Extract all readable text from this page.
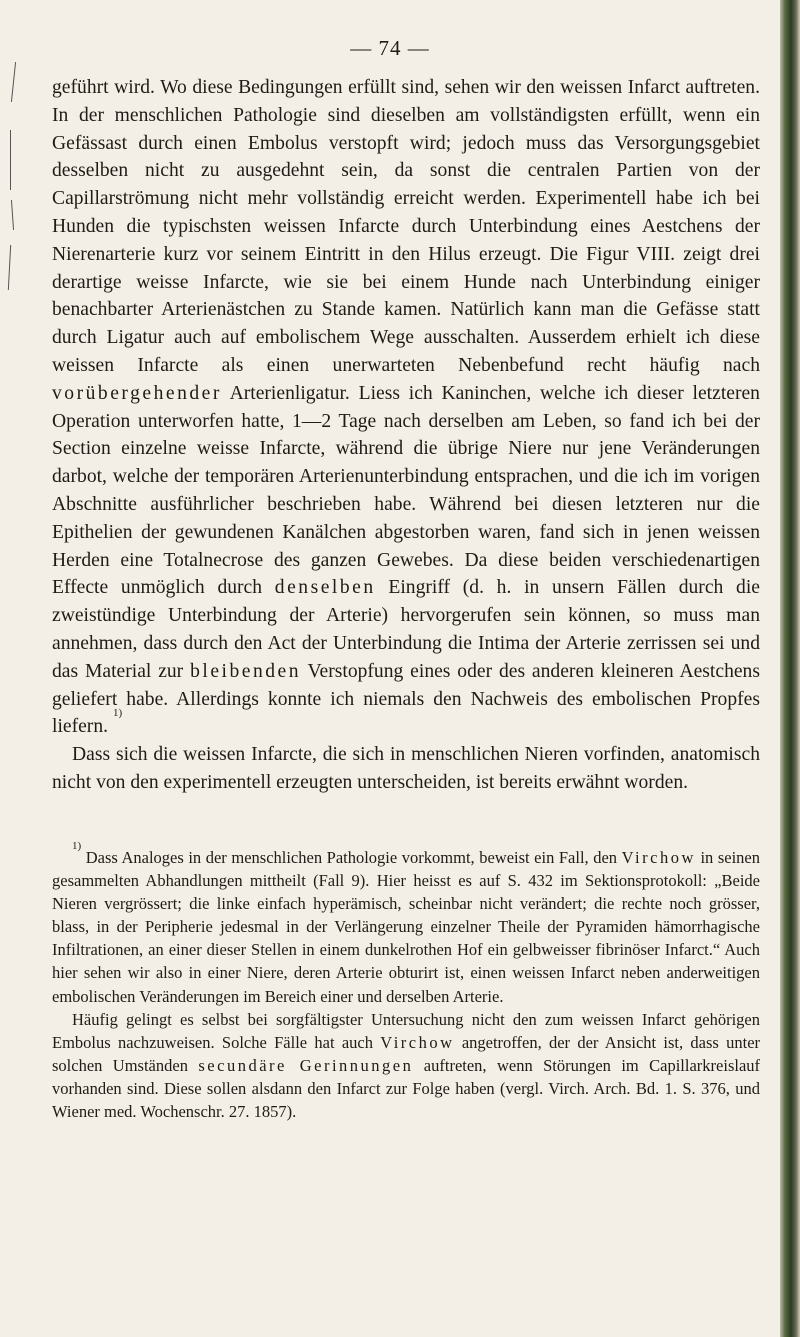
— 74 —

geführt wird. Wo diese Bedingungen erfüllt sind, sehen wir den weissen Infarct auftreten. In der menschlichen Pathologie sind dieselben am vollständigsten erfüllt, wenn ein Gefässast durch einen Embolus verstopft wird; jedoch muss das Versorgungsgebiet desselben nicht zu ausgedehnt sein, da sonst die centralen Partien von der Capillarströmung nicht mehr vollständig erreicht werden. Experimentell habe ich bei Hunden die typischsten weissen Infarcte durch Unterbindung eines Aestchens der Nierenarterie kurz vor seinem Eintritt in den Hilus erzeugt. Die Figur VIII. zeigt drei derartige weisse Infarcte, wie sie bei einem Hunde nach Unterbindung einiger benachbarter Arterienästchen zu Stande kamen. Natürlich kann man die Gefässe statt durch Ligatur auch auf embolischem Wege ausschalten. Ausserdem erhielt ich diese weissen Infarcte als einen unerwarteten Nebenbefund recht häufig nach vorübergehender Arterienligatur. Liess ich Kaninchen, welche ich dieser letzteren Operation unterworfen hatte, 1—2 Tage nach derselben am Leben, so fand ich bei der Section einzelne weisse Infarcte, während die übrige Niere nur jene Veränderungen darbot, welche der temporären Arterienunterbindung entsprachen, und die ich im vorigen Abschnitte ausführlicher beschrieben habe. Während bei diesen letzteren nur die Epithelien der gewundenen Kanälchen abgestorben waren, fand sich in jenen weissen Herden eine Totalnecrose des ganzen Gewebes. Da diese beiden verschiedenartigen Effecte unmöglich durch denselben Eingriff (d. h. in unsern Fällen durch die zweistündige Unterbindung der Arterie) hervorgerufen sein können, so muss man annehmen, dass durch den Act der Unterbindung die Intima der Arterie zerrissen sei und das Material zur bleibenden Verstopfung eines oder des anderen kleineren Aestchens geliefert habe. Allerdings konnte ich niemals den Nachweis des embolischen Propfes liefern. $^{1)}$

Dass sich die weissen Infarcte, die sich in menschlichen Nieren vorfinden, anatomisch nicht von den experimentell erzeugten unterscheiden, ist bereits erwähnt worden.

$^{1)}$ Dass Analoges in der menschlichen Pathologie vorkommt, beweist ein Fall, den Virchow in seinen gesammelten Abhandlungen mittheilt (Fall 9). Hier heisst es auf S. 432 im Sektionsprotokoll: „Beide Nieren vergrössert; die linke einfach hyperämisch, scheinbar nicht verändert; die rechte noch grösser, blass, in der Peripherie jedesmal in der Verlängerung einzelner Theile der Pyramiden hämorrhagische Infiltrationen, an einer dieser Stellen in einem dunkelrothen Hof ein gelbweisser fibrinöser Infarct.“ Auch hier sehen wir also in einer Niere, deren Arterie obturirt ist, einen weissen Infarct neben anderweitigen embolischen Veränderungen im Bereich einer und derselben Arterie.

Häufig gelingt es selbst bei sorgfältigster Untersuchung nicht den zum weissen Infarct gehörigen Embolus nachzuweisen. Solche Fälle hat auch Virchow angetroffen, der der Ansicht ist, dass unter solchen Umständen secundäre Gerinnungen auftreten, wenn Störungen im Capillarkreislauf vorhanden sind. Diese sollen alsdann den Infarct zur Folge haben (vergl. Virch. Arch. Bd. 1. S. 376, und Wiener med. Wochenschr. 27. 1857).
